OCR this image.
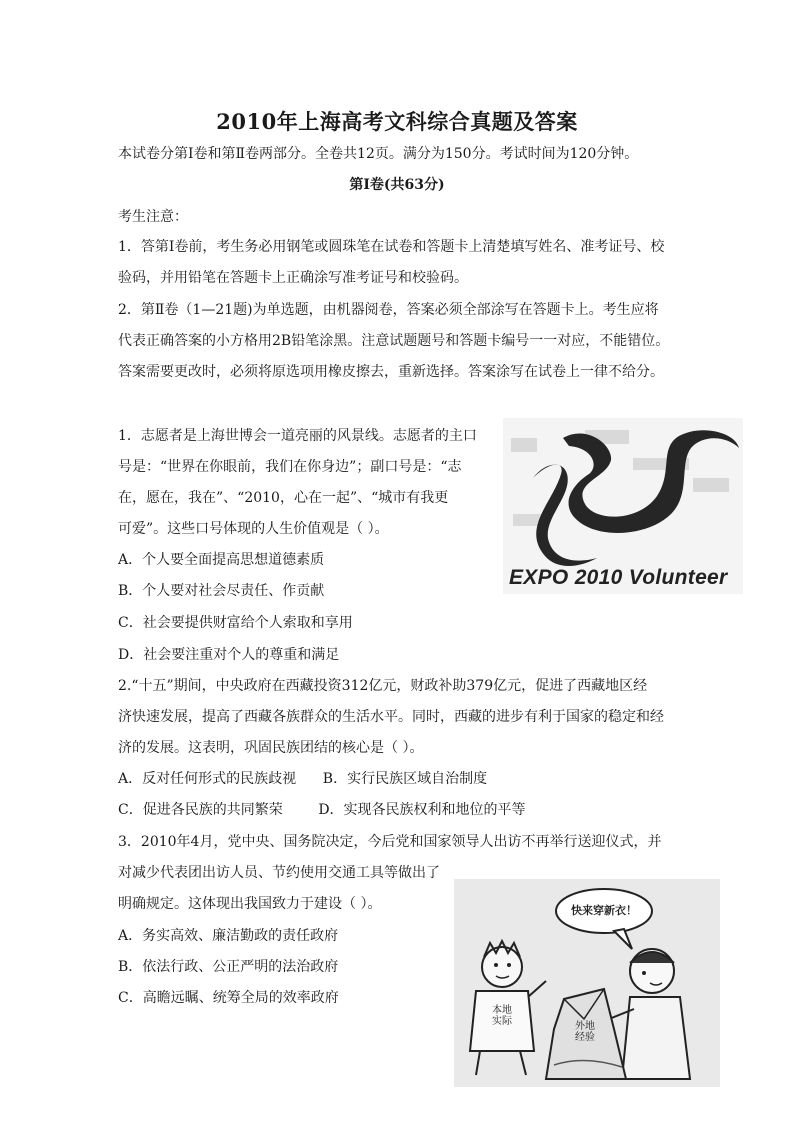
2010年上海高考文科综合真题及答案
本试卷分第Ⅰ卷和第Ⅱ卷两部分。全卷共12页。满分为150分。考试时间为120分钟。
第Ⅰ卷(共63分)
考生注意：
1．答第Ⅰ卷前，考生务必用钢笔或圆珠笔在试卷和答题卡上清楚填写姓名、准考证号、校
验码，并用铅笔在答题卡上正确涂写准考证号和校验码。
2．第Ⅱ卷（1—21题)为单选题，由机器阅卷，答案必须全部涂写在答题卡上。考生应将
代表正确答案的小方格用2B铅笔涂黑。注意试题题号和答题卡编号一一对应，不能错位。
答案需要更改时，必须将原选项用橡皮擦去，重新选择。答案涂写在试卷上一律不给分。
1．志愿者是上海世博会一道亮丽的风景线。志愿者的主口
号是：“世界在你眼前，我们在你身边”；副口号是：“志
在，愿在，我在”、“2010，心在一起”、“城市有我更
可爱”。这些口号体现的人生价值观是（ ）。
A．个人要全面提高思想道德素质
B．个人要对社会尽责任、作贡献
C．社会要提供财富给个人索取和享用
D．社会要注重对个人的尊重和满足
EXPO 2010 Volunteer
2.“十五”期间，中央政府在西藏投资312亿元，财政补助379亿元，促进了西藏地区经
济快速发展，提高了西藏各族群众的生活水平。同时，西藏的进步有利于国家的稳定和经
济的发展。这表明，巩固民族团结的核心是（ ）。
A．反对任何形式的民族歧视      B．实行民族区域自治制度
C．促进各民族的共同繁荣        D．实现各民族权利和地位的平等
3．2010年4月，党中央、国务院决定，今后党和国家领导人出访不再举行送迎仪式，并
对减少代表团出访人员、节约使用交通工具等做出了
明确规定。这体现出我国致力于建设（ ）。
A．务实高效、廉洁勤政的责任政府
B．依法行政、公正严明的法治政府
C．高瞻远瞩、统筹全局的效率政府
快来穿新衣！
本地实际	外地经验
